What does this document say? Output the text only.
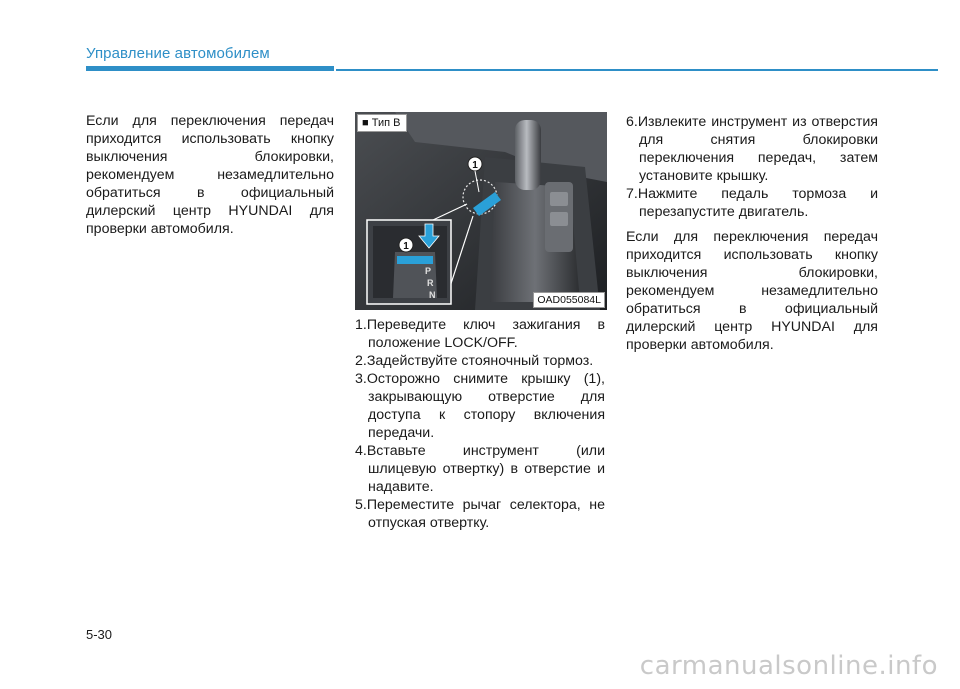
Управление автомобилем

Если для переключения передач приходится использовать кнопку выключения блокировки, рекомендуем незамедлительно обратиться в официальный дилерский центр HYUNDAI для проверки автомобиля.

1
1
P
R
N
■ Тип B
OAD055084L

1.Переведите ключ зажигания в положение LOCK/OFF.

2.Задействуйте стояночный тормоз.

3.Осторожно снимите крышку (1), закрывающую отверстие для доступа к стопору включения передачи.

4.Вставьте инструмент (или шлицевую отвертку) в отверстие и надавите.

5.Переместите рычаг селектора, не отпуская отвертку.

6.Извлеките инструмент из отверстия для снятия блокировки переключения передач, затем установите крышку.

7.Нажмите педаль тормоза и перезапустите двигатель.

Если для переключения передач приходится использовать кнопку выключения блокировки, рекомендуем незамедлительно обратиться в официальный дилерский центр HYUNDAI для проверки автомобиля.

5-30
carmanualsonline.info
